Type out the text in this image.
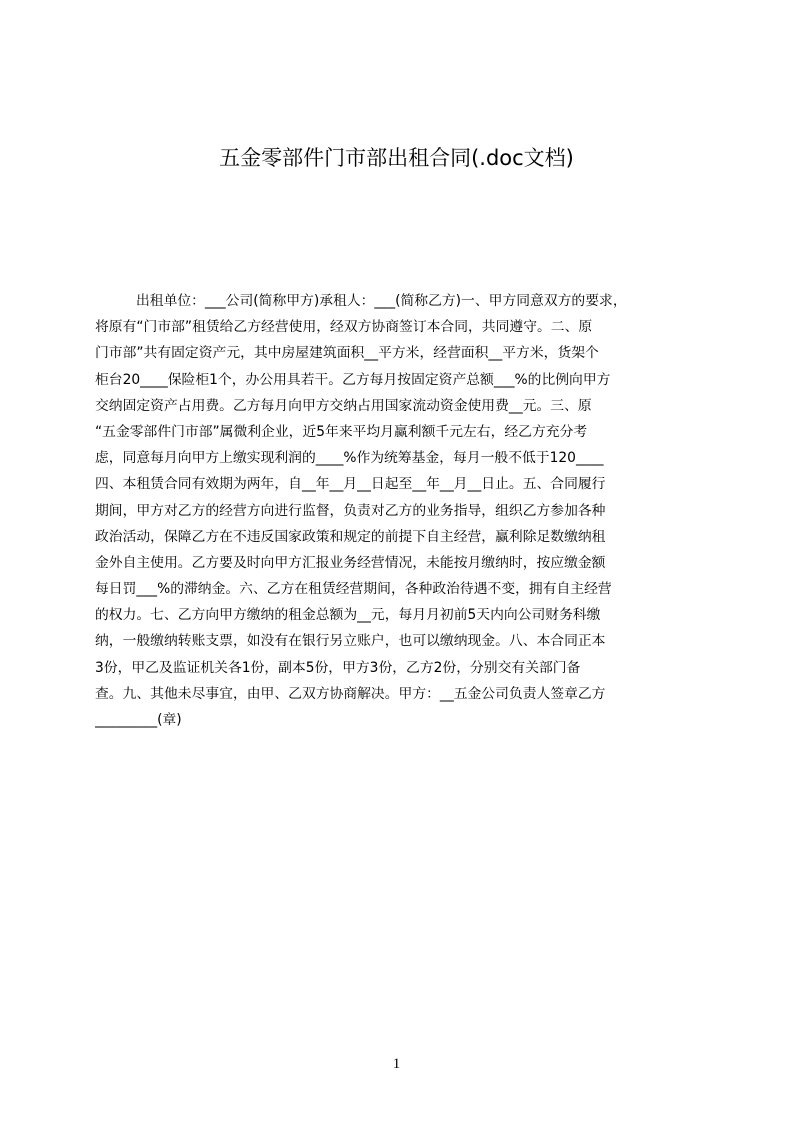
五金零部件门市部出租合同(.doc文档)
出租单位：___公司(简称甲方)承租人：___(简称乙方)一、甲方同意双方的要求，
将原有“门市部”租赁给乙方经营使用，经双方协商签订本合同，共同遵守。二、原
门市部”共有固定资产元，其中房屋建筑面积__平方米，经营面积__平方米，货架个
柜台20____保险柜1个，办公用具若干。乙方每月按固定资产总额___%的比例向甲方
交纳固定资产占用费。乙方每月向甲方交纳占用国家流动资金使用费__元。三、原
“五金零部件门市部”属微利企业，近5年来平均月赢利额千元左右，经乙方充分考
虑，同意每月向甲方上缴实现利润的____%作为统筹基金，每月一般不低于120____
四、本租赁合同有效期为两年，自__年__月__日起至__年__月__日止。五、合同履行
期间，甲方对乙方的经营方向进行监督，负责对乙方的业务指导，组织乙方参加各种
政治活动，保障乙方在不违反国家政策和规定的前提下自主经营，赢利除足数缴纳租
金外自主使用。乙方要及时向甲方汇报业务经营情况，未能按月缴纳时，按应缴金额
每日罚___%的滞纳金。六、乙方在租赁经营期间，各种政治待遇不变，拥有自主经营
的权力。七、乙方向甲方缴纳的租金总额为__元，每月月初前5天内向公司财务科缴
纳，一般缴纳转账支票，如没有在银行另立账户，也可以缴纳现金。八、本合同正本
3份，甲乙及监证机关各1份，副本5份，甲方3份，乙方2份，分别交有关部门备
查。九、其他未尽事宜，由甲、乙双方协商解决。甲方：__五金公司负责人签章乙方
_________(章)
1
